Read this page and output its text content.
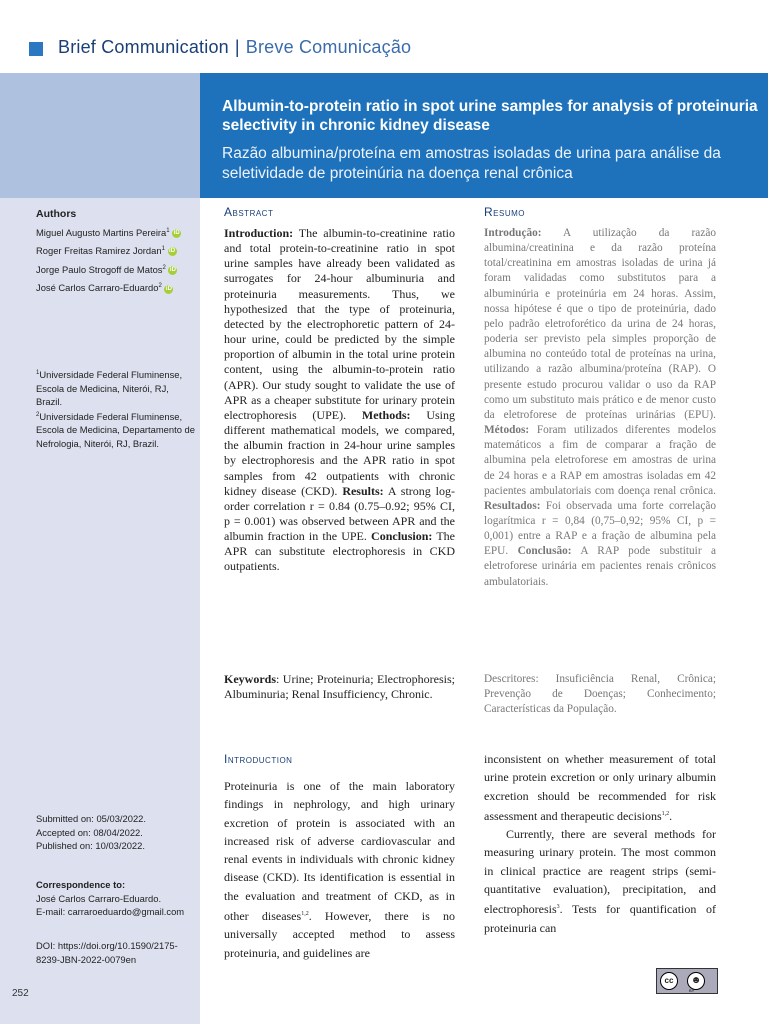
Brief Communication | Breve Comunicação
Albumin-to-protein ratio in spot urine samples for analysis of proteinuria selectivity in chronic kidney disease
Razão albumina/proteína em amostras isoladas de urina para análise da seletividade de proteinúria na doença renal crônica
Authors
Miguel Augusto Martins Pereira$^1$ iD
Roger Freitas Ramirez Jordan$^1$ iD
Jorge Paulo Strogoff de Matos$^2$ iD
José Carlos Carraro-Eduardo$^2$ iD
$^1$Universidade Federal Fluminense, Escola de Medicina, Niterói, RJ, Brazil.
$^2$Universidade Federal Fluminense, Escola de Medicina, Departamento de Nefrologia, Niterói, RJ, Brazil.
Submitted on: 05/03/2022.
Accepted on: 08/04/2022.
Published on: 10/03/2022.
Correspondence to:
José Carlos Carraro-Eduardo.
E-mail: carraroeduardo@gmail.com
DOI: https://doi.org/10.1590/2175-8239-JBN-2022-0079en
Abstract
Introduction: The albumin-to-creatinine ratio and total protein-to-creatinine ratio in spot urine samples have already been validated as surrogates for 24-hour albuminuria and proteinuria measurements. Thus, we hypothesized that the type of proteinuria, detected by the electrophoretic pattern of 24-hour urine, could be predicted by the simple proportion of albumin in the total urine protein content, using the albumin-to-protein ratio (APR). Our study sought to validate the use of APR as a cheaper substitute for urinary protein electrophoresis (UPE). Methods: Using different mathematical models, we compared, the albumin fraction in 24-hour urine samples by electrophoresis and the APR ratio in spot samples from 42 outpatients with chronic kidney disease (CKD). Results: A strong log-order correlation r = 0.84 (0.75–0.92; 95% CI, p = 0.001) was observed between APR and the albumin fraction in the UPE. Conclusion: The APR can substitute electrophoresis in CKD outpatients.
Keywords: Urine; Proteinuria; Electrophoresis; Albuminuria; Renal Insufficiency, Chronic.
Resumo
Introdução: A utilização da razão albumina/creatinina e da razão proteína total/creatinina em amostras isoladas de urina já foram validadas como substitutos para a albuminúria e proteinúria em 24 horas. Assim, nossa hipótese é que o tipo de proteinúria, dado pelo padrão eletroforético da urina de 24 horas, poderia ser previsto pela simples proporção de albumina no conteúdo total de proteínas na urina, utilizando a razão albumina/proteína (RAP). O presente estudo procurou validar o uso da RAP como um substituto mais prático e de menor custo da eletroforese de proteínas urinárias (EPU). Métodos: Foram utilizados diferentes modelos matemáticos a fim de comparar a fração de albumina pela eletroforese em amostras de urina de 24 horas e a RAP em amostras isoladas em 42 pacientes ambulatoriais com doença renal crônica. Resultados: Foi observada uma forte correlação logarítmica r = 0,84 (0,75–0,92; 95% CI, p = 0,001) entre a RAP e a fração de albumina pela EPU. Conclusão: A RAP pode substituir a eletroforese urinária em pacientes renais crônicos ambulatoriais.
Descritores: Insuficiência Renal, Crônica; Prevenção de Doenças; Conhecimento; Características da População.
Introduction
Proteinuria is one of the main laboratory findings in nephrology, and high urinary excretion of protein is associated with an increased risk of adverse cardiovascular and renal events in individuals with chronic kidney disease (CKD). Its identification is essential in the evaluation and treatment of CKD, as in other diseases$^{1,2}$. However, there is no universally accepted method to assess proteinuria, and guidelines are
inconsistent on whether measurement of total urine protein excretion or only urinary albumin excretion should be recommended for risk assessment and therapeutic decisions$^{1,2}$.
Currently, there are several methods for measuring urinary protein. The most common in clinical practice are reagent strips (semi-quantitative evaluation), precipitation, and electrophoresis$^3$. Tests for quantification of proteinuria can
252
cc	☻
BY
